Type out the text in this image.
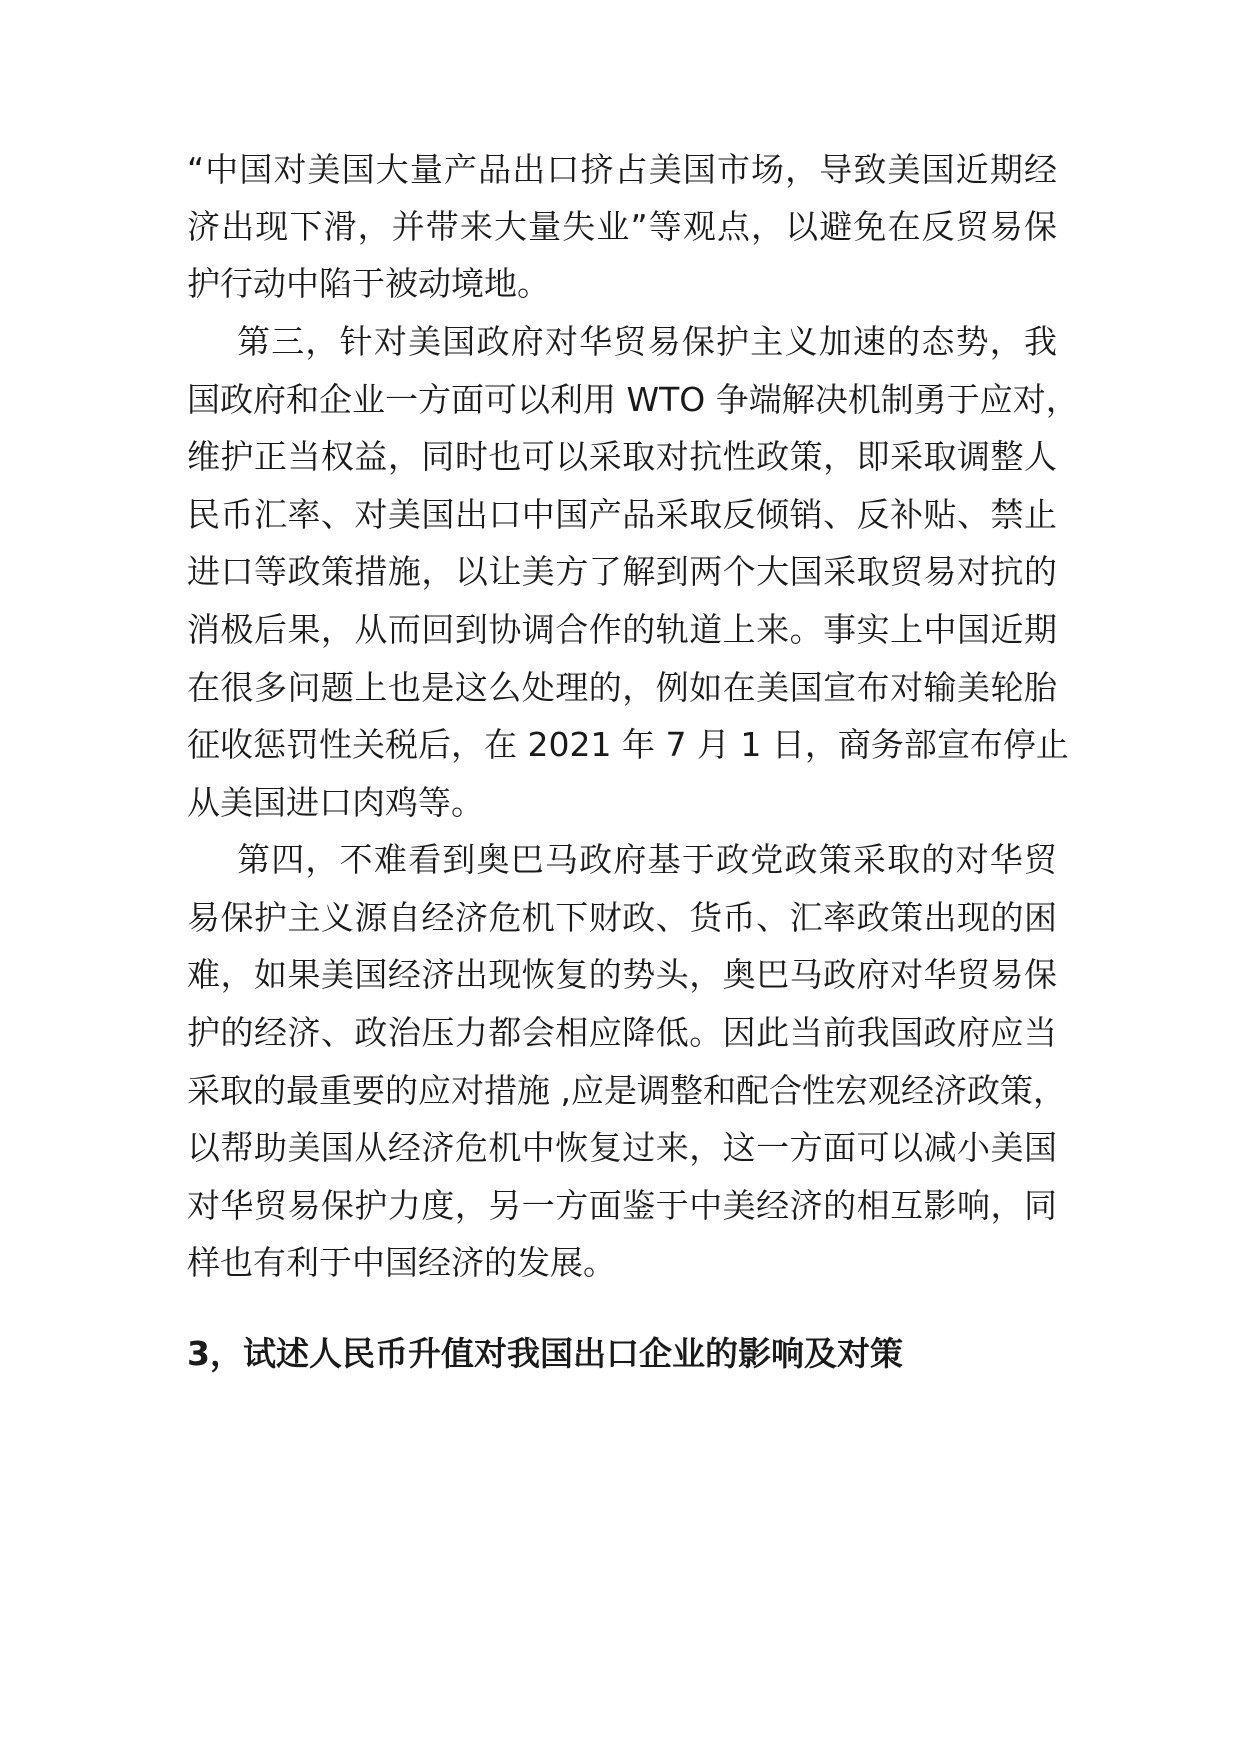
“中国对美国大量产品出口挤占美国市场，导致美国近期经
济出现下滑，并带来大量失业”等观点，以避免在反贸易保
护行动中陷于被动境地。
第三，针对美国政府对华贸易保护主义加速的态势，我
国政府和企业一方面可以利用 WTO 争端解决机制勇于应对，
维护正当权益，同时也可以采取对抗性政策，即采取调整人
民币汇率、对美国出口中国产品采取反倾销、反补贴、禁止
进口等政策措施，以让美方了解到两个大国采取贸易对抗的
消极后果，从而回到协调合作的轨道上来。事实上中国近期
在很多问题上也是这么处理的，例如在美国宣布对输美轮胎
征收惩罚性关税后，在 2021 年 7 月 1 日，商务部宣布停止
从美国进口肉鸡等。
第四，不难看到奥巴马政府基于政党政策采取的对华贸
易保护主义源自经济危机下财政、货币、汇率政策出现的困
难，如果美国经济出现恢复的势头，奥巴马政府对华贸易保
护的经济、政治压力都会相应降低。因此当前我国政府应当
采取的最重要的应对措施 ,应是调整和配合性宏观经济政策，
以帮助美国从经济危机中恢复过来，这一方面可以减小美国
对华贸易保护力度，另一方面鉴于中美经济的相互影响，同
样也有利于中国经济的发展。
3，试述人民币升值对我国出口企业的影响及对策
